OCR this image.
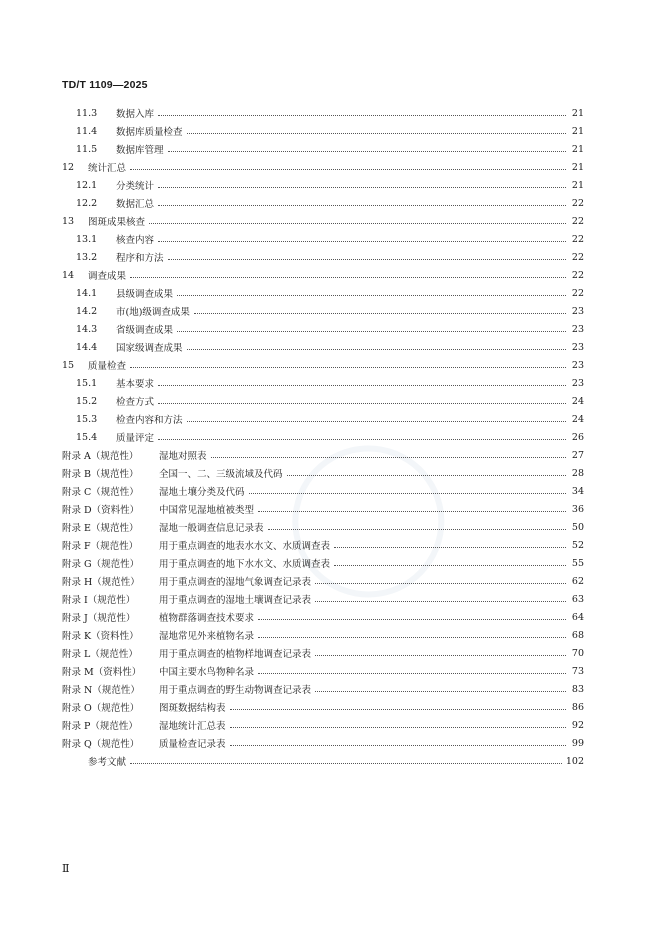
TD/T 1109—2025
11.3	数据入库	21
11.4	数据库质量检查	21
11.5	数据库管理	21
12	统计汇总	21
12.1	分类统计	21
12.2	数据汇总	22
13	图斑成果核查	22
13.1	核查内容	22
13.2	程序和方法	22
14	调查成果	22
14.1	县级调查成果	22
14.2	市(地)级调查成果	23
14.3	省级调查成果	23
14.4	国家级调查成果	23
15	质量检查	23
15.1	基本要求	23
15.2	检查方式	24
15.3	检查内容和方法	24
15.4	质量评定	26
附录 A（规范性）	湿地对照表	27
附录 B（规范性）	全国一、二、三级流域及代码	28
附录 C（规范性）	湿地土壤分类及代码	34
附录 D（资料性）	中国常见湿地植被类型	36
附录 E（规范性）	湿地一般调查信息记录表	50
附录 F（规范性）	用于重点调查的地表水水文、水质调查表	52
附录 G（规范性）	用于重点调查的地下水水文、水质调查表	55
附录 H（规范性）	用于重点调查的湿地气象调查记录表	62
附录 I（规范性）	用于重点调查的湿地土壤调查记录表	63
附录 J（规范性）	植物群落调查技术要求	64
附录 K（资料性）	湿地常见外来植物名录	68
附录 L（规范性）	用于重点调查的植物样地调查记录表	70
附录 M（资料性）	中国主要水鸟物种名录	73
附录 N（规范性）	用于重点调查的野生动物调查记录表	83
附录 O（规范性）	图斑数据结构表	86
附录 P（规范性）	湿地统计汇总表	92
附录 Q（规范性）	质量检查记录表	99
参考文献	102
Ⅱ
